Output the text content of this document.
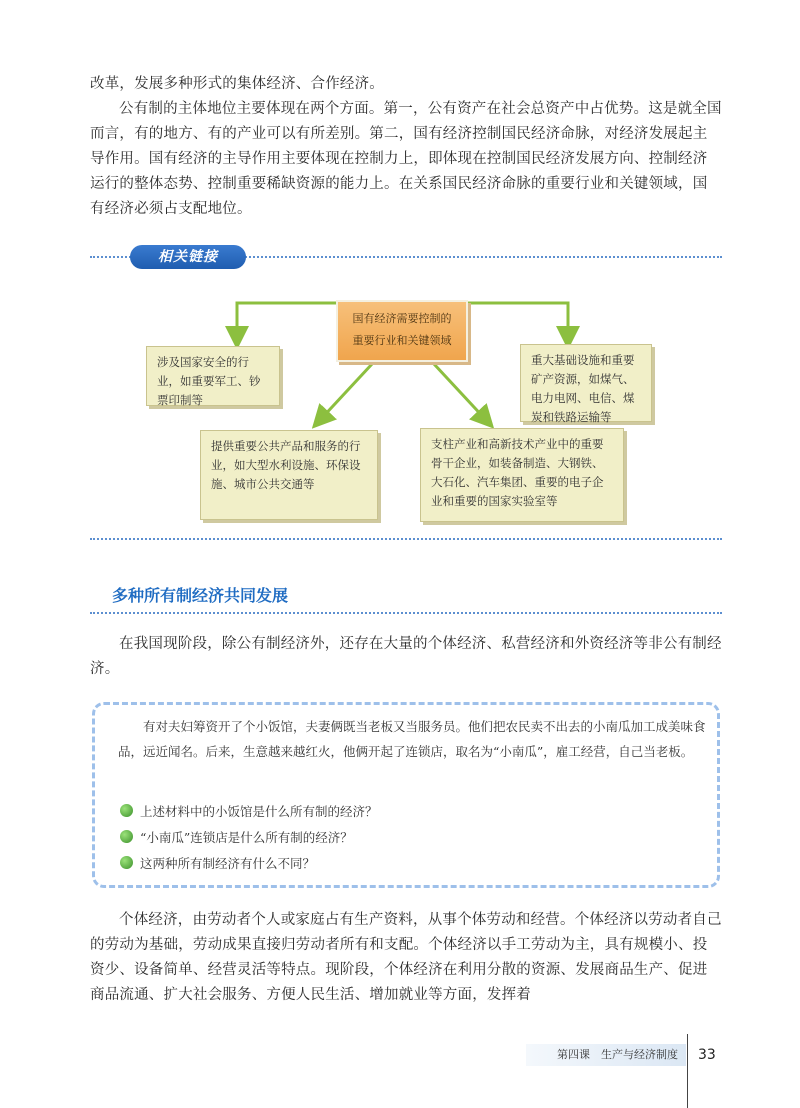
改革，发展多种形式的集体经济、合作经济。

公有制的主体地位主要体现在两个方面。第一，公有资产在社会总资产中占优势。这是就全国而言，有的地方、有的产业可以有所差别。第二，国有经济控制国民经济命脉，对经济发展起主导作用。国有经济的主导作用主要体现在控制力上，即体现在控制国民经济发展方向、控制经济运行的整体态势、控制重要稀缺资源的能力上。在关系国民经济命脉的重要行业和关键领域，国有经济必须占支配地位。

相关链接
国有经济需要控制的
重要行业和关键领域
涉及国家安全的行业，如重要军工、钞票印制等
重大基础设施和重要矿产资源，如煤气、电力电网、电信、煤炭和铁路运输等
提供重要公共产品和服务的行业，如大型水利设施、环保设施、城市公共交通等
支柱产业和高新技术产业中的重要骨干企业，如装备制造、大钢铁、大石化、汽车集团、重要的电子企业和重要的国家实验室等
多种所有制经济共同发展

在我国现阶段，除公有制经济外，还存在大量的个体经济、私营经济和外资经济等非公有制经济。

有对夫妇筹资开了个小饭馆，夫妻俩既当老板又当服务员。他们把农民卖不出去的小南瓜加工成美味食品，远近闻名。后来，生意越来越红火，他俩开起了连锁店，取名为“小南瓜”，雇工经营，自己当老板。

上述材料中的小饭馆是什么所有制的经济？
“小南瓜”连锁店是什么所有制的经济？
这两种所有制经济有什么不同？

个体经济，由劳动者个人或家庭占有生产资料，从事个体劳动和经营。个体经济以劳动者自己的劳动为基础，劳动成果直接归劳动者所有和支配。个体经济以手工劳动为主，具有规模小、投资少、设备简单、经营灵活等特点。现阶段，个体经济在利用分散的资源、发展商品生产、促进商品流通、扩大社会服务、方便人民生活、增加就业等方面，发挥着

第四课　生产与经济制度	33
